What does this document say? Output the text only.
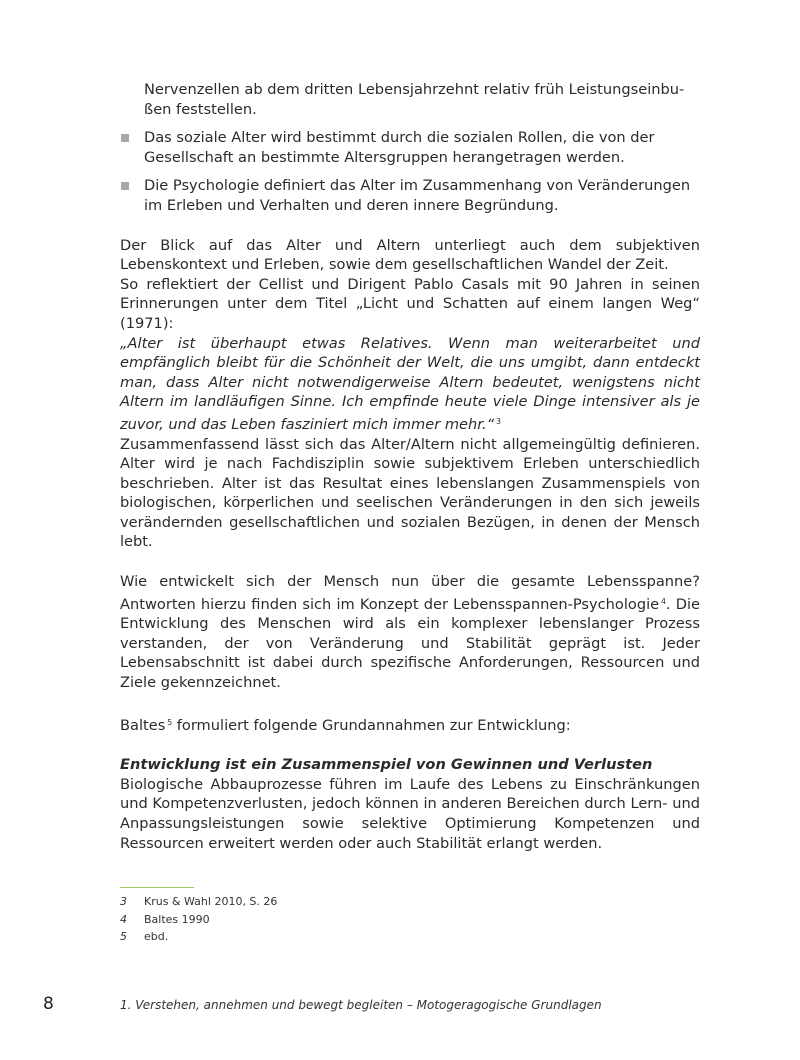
Nervenzellen ab dem dritten Lebensjahrzehnt relativ früh Leistungseinbu-ßen feststellen.

Das soziale Alter wird bestimmt durch die sozialen Rollen, die von der Gesellschaft an bestimmte Altersgruppen herangetragen werden.
Die Psychologie definiert das Alter im Zusammenhang von Veränderungen im Erleben und Verhalten und deren innere Begründung.

Der Blick auf das Alter und Altern unterliegt auch dem subjektiven Lebenskontext und Erleben, sowie dem gesellschaftlichen Wandel der Zeit.

So reflektiert der Cellist und Dirigent Pablo Casals mit 90 Jahren in seinen Erinnerungen unter dem Titel „Licht und Schatten auf einem langen Weg“ (1971):

„Alter ist überhaupt etwas Relatives. Wenn man weiterarbeitet und empfänglich bleibt für die Schönheit der Welt, die uns umgibt, dann entdeckt man, dass Alter nicht notwendigerweise Altern bedeutet, wenigstens nicht Altern im landläufigen Sinne. Ich empfinde heute viele Dinge intensiver als je zuvor, und das Leben fasziniert mich immer mehr.“ $^3$

Zusammenfassend lässt sich das Alter/Altern nicht allgemeingültig definieren. Alter wird je nach Fachdisziplin sowie subjektivem Erleben unterschiedlich beschrieben. Alter ist das Resultat eines lebenslangen Zusammenspiels von biologischen, körperlichen und seelischen Veränderungen in den sich jeweils verändernden gesellschaftlichen und sozialen Bezügen, in denen der Mensch lebt.

Wie entwickelt sich der Mensch nun über die gesamte Lebensspanne? Antworten hierzu finden sich im Konzept der Lebensspannen-Psychologie $^4$. Die Entwicklung des Menschen wird als ein komplexer lebenslanger Prozess verstanden, der von Veränderung und Stabilität geprägt ist. Jeder Lebensabschnitt ist dabei durch spezifische Anforderungen, Ressourcen und Ziele gekennzeichnet.

Baltes $^5$ formuliert folgende Grundannahmen zur Entwicklung:

Entwicklung ist ein Zusammenspiel von Gewinnen und Verlusten

Biologische Abbauprozesse führen im Laufe des Lebens zu Einschränkungen und Kompetenzverlusten, jedoch können in anderen Bereichen durch Lern- und Anpassungsleistungen sowie selektive Optimierung Kompetenzen und Ressourcen erweitert werden oder auch Stabilität erlangt werden.

3	Krus & Wahl 2010, S. 26
4	Baltes 1990
5	ebd.
8	1. Verstehen, annehmen und bewegt begleiten – Motogeragogische Grundlagen
